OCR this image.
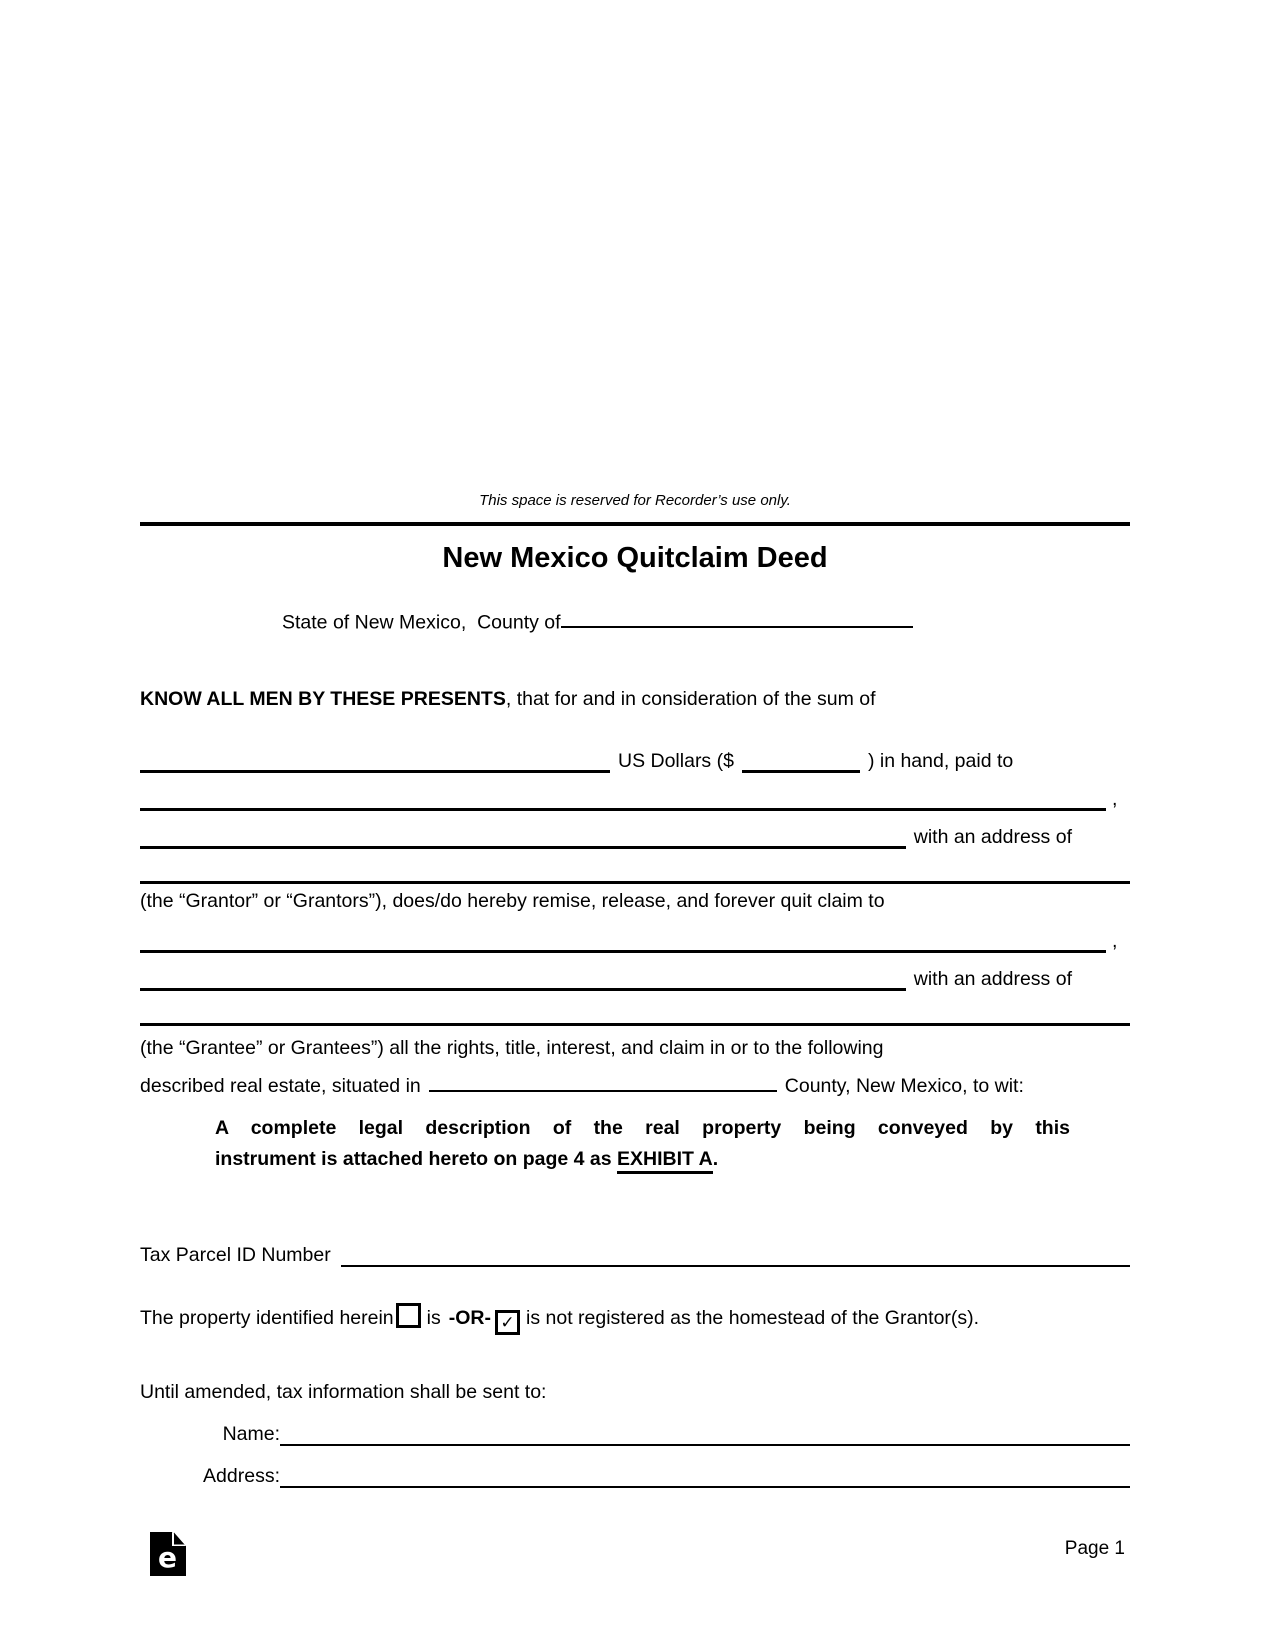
This space is reserved for Recorder’s use only.
New Mexico Quitclaim Deed
State of New Mexico,  County of
KNOW ALL MEN BY THESE PRESENTS, that for and in consideration of the sum of
US Dollars ($	) in hand, paid to
,
with an address of
(the “Grantor” or “Grantors”), does/do hereby remise, release, and forever quit claim to
,
with an address of
(the “Grantee” or Grantees”) all the rights, title, interest, and claim in or to the following
described real estate, situated in	County, New Mexico, to wit:
A complete legal description of the real property being conveyed by this
instrument is attached hereto on page 4 as EXHIBIT A.
Tax Parcel ID Number
The property identified herein is -OR- ✓ is not registered as the homestead of the Grantor(s).
Until amended, tax information shall be sent to:
Name:
Address:
e	Page 1
